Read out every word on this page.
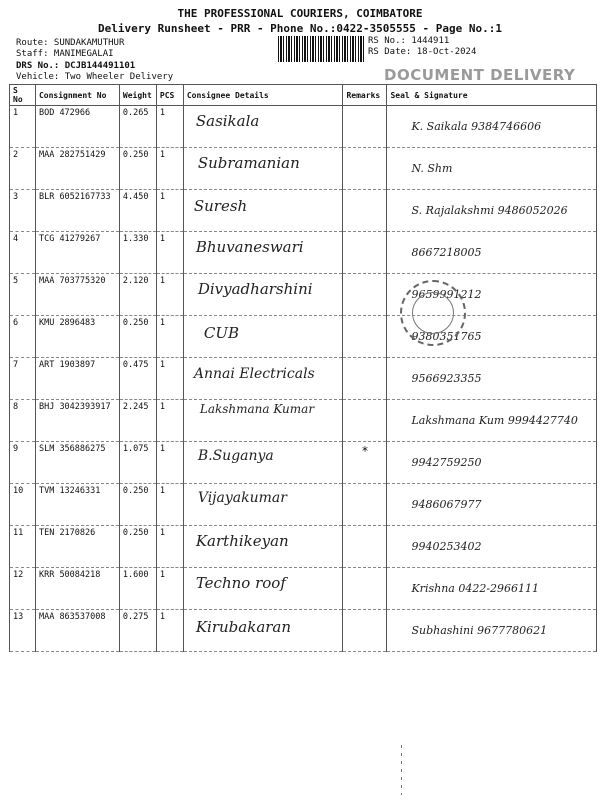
THE PROFESSIONAL COURIERS, COIMBATORE
Delivery Runsheet - PRR - Phone No.:0422-3505555 - Page No.:1
Route: SUNDAKAMUTHUR
Staff: MANIMEGALAI
DRS No.: DCJB144491101
Vehicle: Two Wheeler Delivery
RS No.: 1444911
RS Date: 18-Oct-2024
DOCUMENT DELIVERY
S No	Consignment No	Weight	PCS	Consignee Details	Remarks	Seal & Signature
1	BOD 472966	0.265	1	Sasikala		K. Saikala 9384746606

2	MAA 282751429	0.250	1	Subramanian		N. Shm

3	BLR 6052167733	4.450	1	Suresh		S. Rajalakshmi 9486052026

4	TCG 41279267	1.330	1	Bhuvaneswari		8667218005

5	MAA 703775320	2.120	1	Divyadharshini		9659991212

6	KMU 2896483	0.250	1	CUB		9380351765

7	ART 1903897	0.475	1	Annai Electricals		9566923355

8	BHJ 3042393917	2.245	1	Lakshmana Kumar		Lakshmana Kum 9994427740

9	SLM 356886275	1.075	1	B.Suganya	*	9942759250

10	TVM 13246331	0.250	1	Vijayakumar		9486067977

11	TEN 2170826	0.250	1	Karthikeyan		9940253402

12	KRR 50084218	1.600	1	Techno roof		Krishna 0422-2966111

13	MAA 863537008	0.275	1	Kirubakaran		Subhashini 9677780621
